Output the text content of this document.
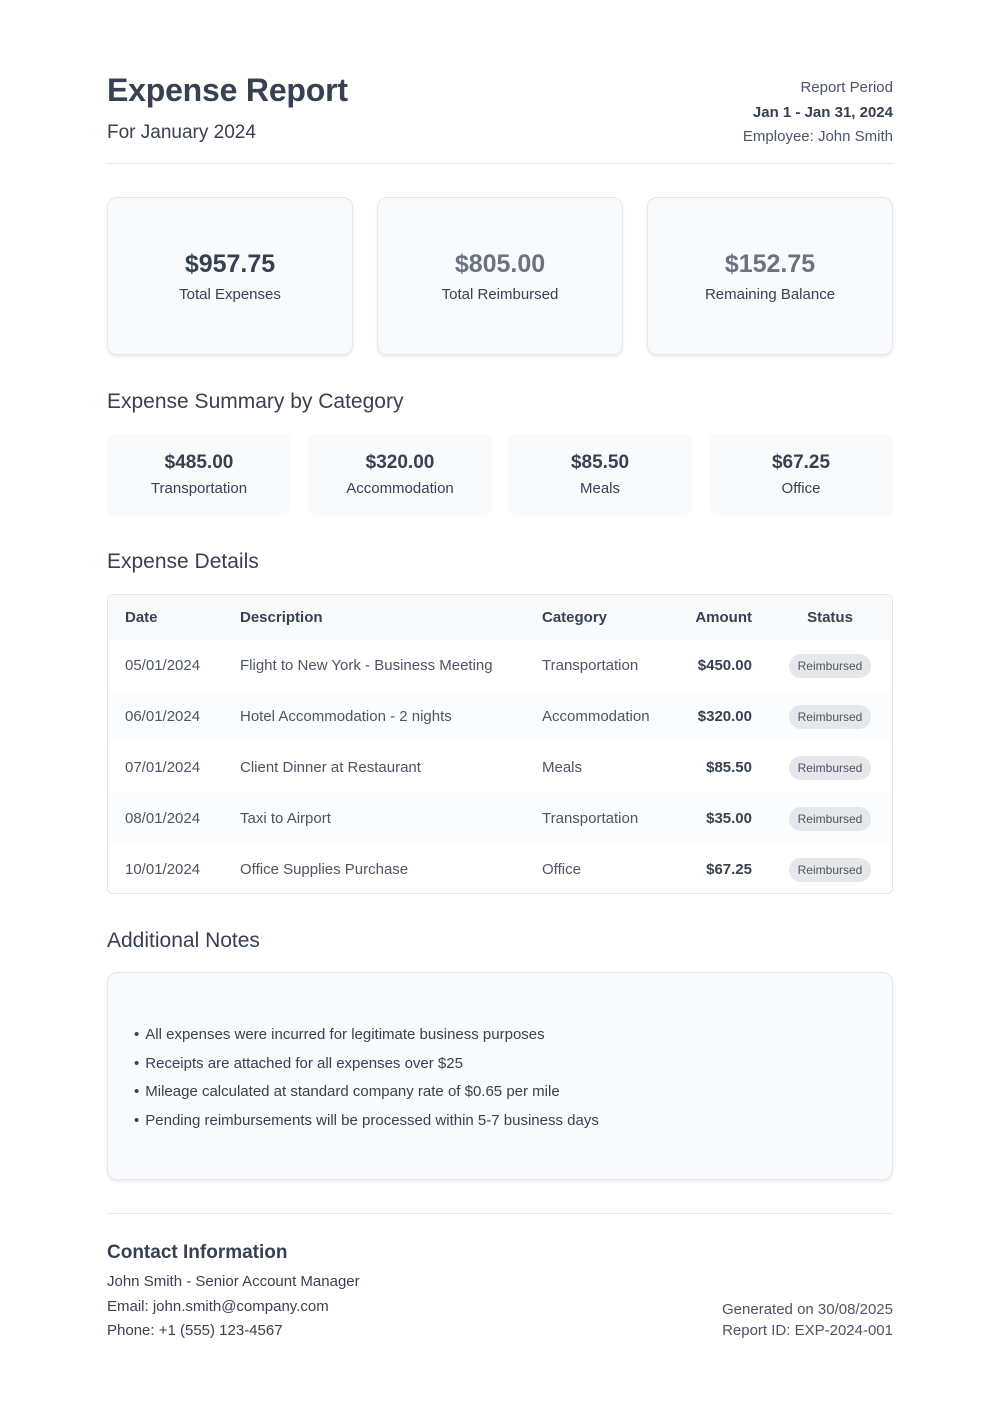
Expense Report
For January 2024
Report Period
Jan 1 - Jan 31, 2024
Employee: John Smith
$957.75
Total Expenses
$805.00
Total Reimbursed
$152.75
Remaining Balance
Expense Summary by Category
$485.00
Transportation
$320.00
Accommodation
$85.50
Meals
$67.25
Office
Expense Details
Date	Description	Category	Amount	Status
05/01/2024	Flight to New York - Business Meeting	Transportation	$450.00	Reimbursed
06/01/2024	Hotel Accommodation - 2 nights	Accommodation	$320.00	Reimbursed
07/01/2024	Client Dinner at Restaurant	Meals	$85.50	Reimbursed
08/01/2024	Taxi to Airport	Transportation	$35.00	Reimbursed
10/01/2024	Office Supplies Purchase	Office	$67.25	Reimbursed
Additional Notes
• All expenses were incurred for legitimate business purposes
• Receipts are attached for all expenses over $25
• Mileage calculated at standard company rate of $0.65 per mile
• Pending reimbursements will be processed within 5-7 business days
Contact Information
John Smith - Senior Account Manager
Email: john.smith@company.com
Phone: +1 (555) 123-4567
Generated on 30/08/2025
Report ID: EXP-2024-001
